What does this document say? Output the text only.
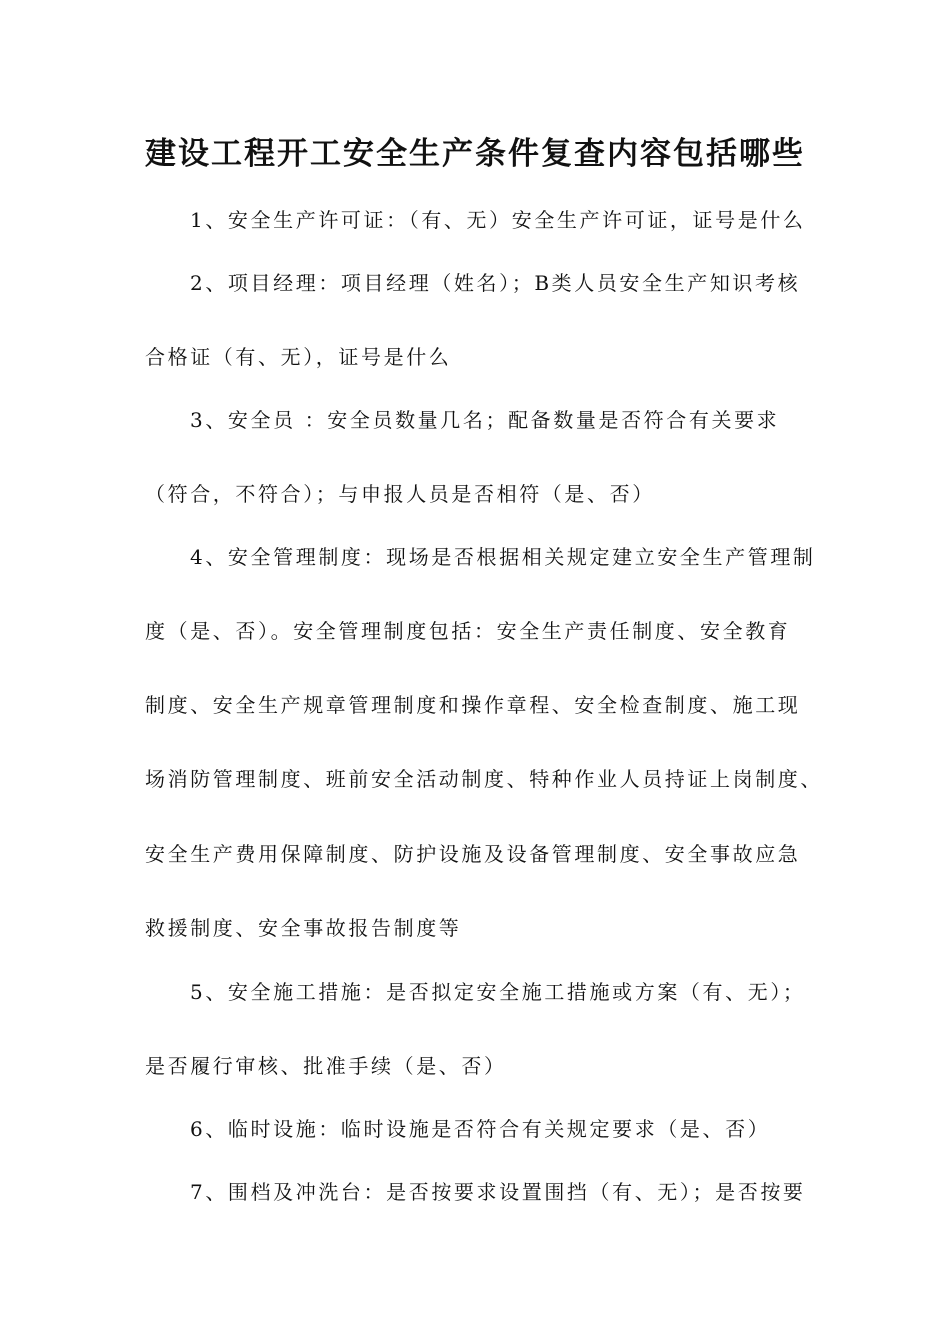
建设工程开工安全生产条件复查内容包括哪些
1、安全生产许可证：（有、无）安全生产许可证，证号是什么
2、项目经理：项目经理（姓名）；B类人员安全生产知识考核
合格证（有、无），证号是什么
3、安全员 ：安全员数量几名；配备数量是否符合有关要求
（符合，不符合）；与申报人员是否相符（是、否）
4、安全管理制度：现场是否根据相关规定建立安全生产管理制
度（是、否）。安全管理制度包括：安全生产责任制度、安全教育
制度、安全生产规章管理制度和操作章程、安全检查制度、施工现
场消防管理制度、班前安全活动制度、特种作业人员持证上岗制度、
安全生产费用保障制度、防护设施及设备管理制度、安全事故应急
救援制度、安全事故报告制度等
5、安全施工措施：是否拟定安全施工措施或方案（有、无）；
是否履行审核、批准手续（是、否）
6、临时设施：临时设施是否符合有关规定要求（是、否）
7、围档及冲洗台：是否按要求设置围挡（有、无）；是否按要
